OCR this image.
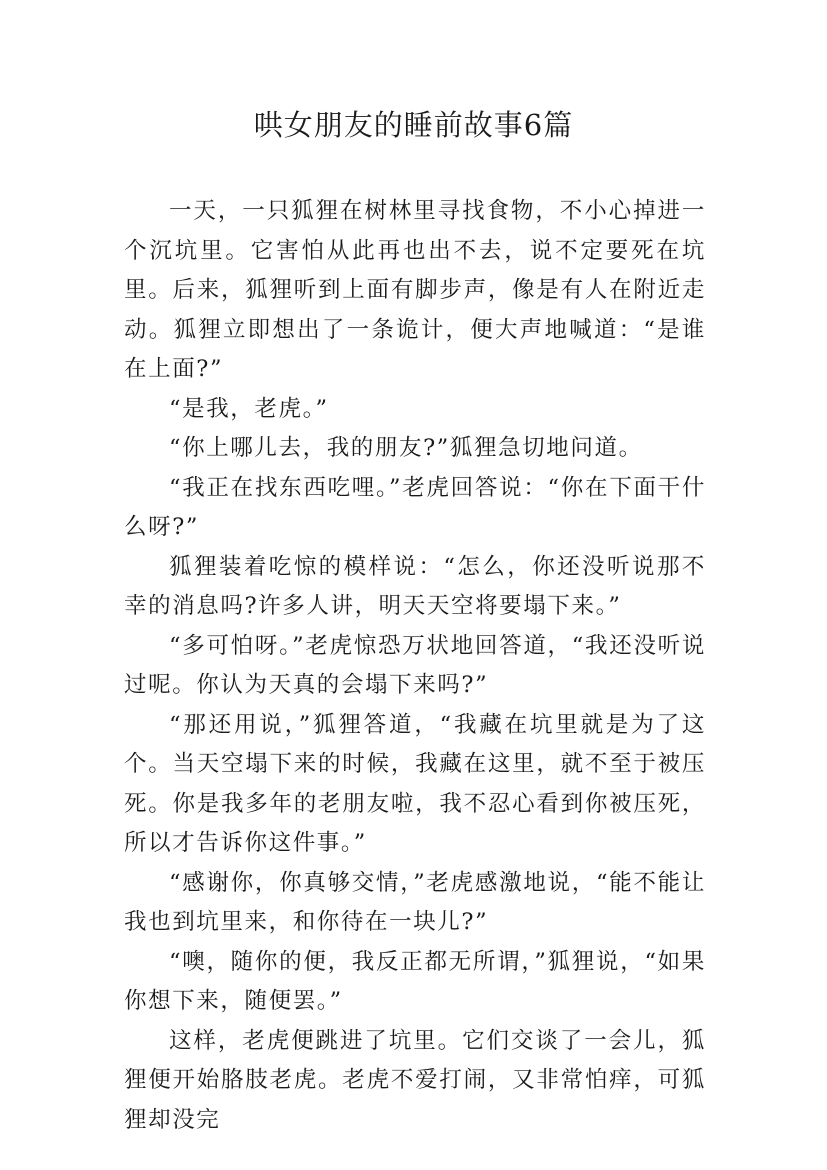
哄女朋友的睡前故事6篇

一天，一只狐狸在树林里寻找食物，不小心掉进一个沉坑里。它害怕从此再也出不去，说不定要死在坑里。后来，狐狸听到上面有脚步声，像是有人在附近走动。狐狸立即想出了一条诡计，便大声地喊道：“是谁在上面?”

“是我，老虎。”

“你上哪儿去，我的朋友?”狐狸急切地问道。

“我正在找东西吃哩。”老虎回答说：“你在下面干什么呀?”

狐狸装着吃惊的模样说：“怎么，你还没听说那不幸的消息吗?许多人讲，明天天空将要塌下来。”

“多可怕呀。”老虎惊恐万状地回答道，“我还没听说过呢。你认为天真的会塌下来吗?”

“那还用说，”狐狸答道，“我藏在坑里就是为了这个。当天空塌下来的时候，我藏在这里，就不至于被压死。你是我多年的老朋友啦，我不忍心看到你被压死，所以才告诉你这件事。”

“感谢你，你真够交情，”老虎感激地说，“能不能让我也到坑里来，和你待在一块儿?”

“噢，随你的便，我反正都无所谓，”狐狸说，“如果你想下来，随便罢。”

这样，老虎便跳进了坑里。它们交谈了一会儿，狐狸便开始胳肢老虎。老虎不爱打闹，又非常怕痒，可狐狸却没完
